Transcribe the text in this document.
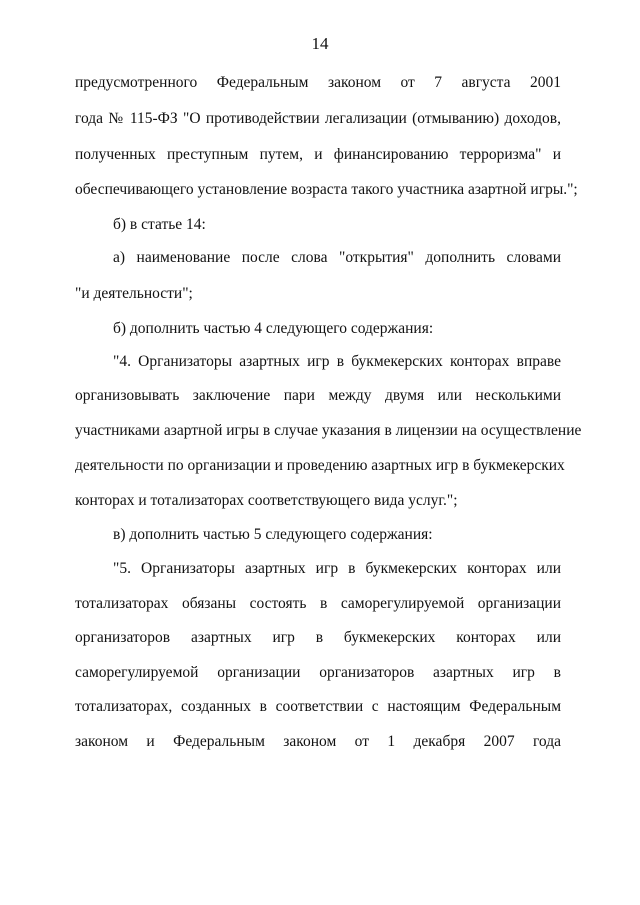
14
предусмотренного Федеральным законом от 7 августа 2001
года № 115-ФЗ "О противодействии легализации (отмыванию) доходов,
полученных преступным путем, и финансированию терроризма" и
обеспечивающего установление возраста такого участника азартной игры.";
б) в статье 14:
а) наименование после слова "открытия" дополнить словами
"и деятельности";
б) дополнить частью 4 следующего содержания:
"4. Организаторы азартных игр в букмекерских конторах вправе
организовывать заключение пари между двумя или несколькими
участниками азартной игры в случае указания в лицензии на осуществление
деятельности по организации и проведению азартных игр в букмекерских
конторах и тотализаторах соответствующего вида услуг.";
в) дополнить частью 5 следующего содержания:
"5. Организаторы азартных игр в букмекерских конторах или
тотализаторах обязаны состоять в саморегулируемой организации
организаторов азартных игр в букмекерских конторах или
саморегулируемой организации организаторов азартных игр в
тотализаторах, созданных в соответствии с настоящим Федеральным
законом и Федеральным законом от 1 декабря 2007 года
